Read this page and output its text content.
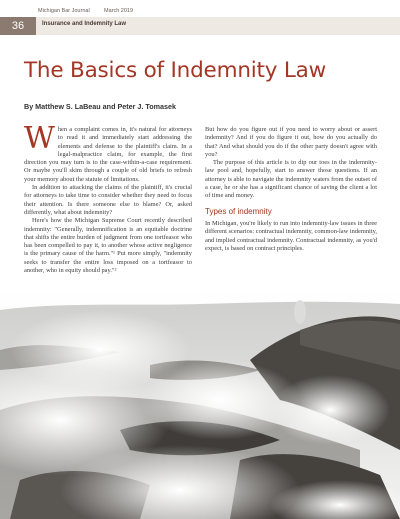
Michigan Bar Journal	March 2019
36	Insurance and Indemnity Law
The Basics of Indemnity Law
By Matthew S. LaBeau and Peter J. Tomasek

When a complaint comes in, it's natural for attorneys to read it and immediately start addressing the elements and defense to the plaintiff's claim. In a legal-malpractice claim, for example, the first direction you may turn is to the case-within-a-case requirement. Or maybe you'll skim through a couple of old briefs to refresh your memory about the statute of limitations.

In addition to attacking the claims of the plaintiff, it's crucial for attorneys to take time to consider whether they need to focus their attention. Is there someone else to blame? Or, asked differently, what about indemnity?

Here's how the Michigan Supreme Court recently described indemnity: "Generally, indemnification is an equitable doctrine that shifts the entire burden of judgment from one tortfeasor who has been compelled to pay it, to another whose active negligence is the primary cause of the harm."¹ Put more simply, "indemnity seeks to transfer the entire loss imposed on a tortfeasor to another, who in equity should pay."²

But how do you figure out if you need to worry about or assert indemnity? And if you do figure it out, how do you actually do that? And what should you do if the other party doesn't agree with you?

The purpose of this article is to dip our toes in the indemnity-law pool and, hopefully, start to answer those questions. If an attorney is able to navigate the indemnity waters from the outset of a case, he or she has a significant chance of saving the client a lot of time and money.

Types of indemnity

In Michigan, you're likely to run into indemnity-law issues in three different scenarios: contractual indemnity, common-law indemnity, and implied contractual indemnity. Contractual indemnity, as you'd expect, is based on contract principles.
